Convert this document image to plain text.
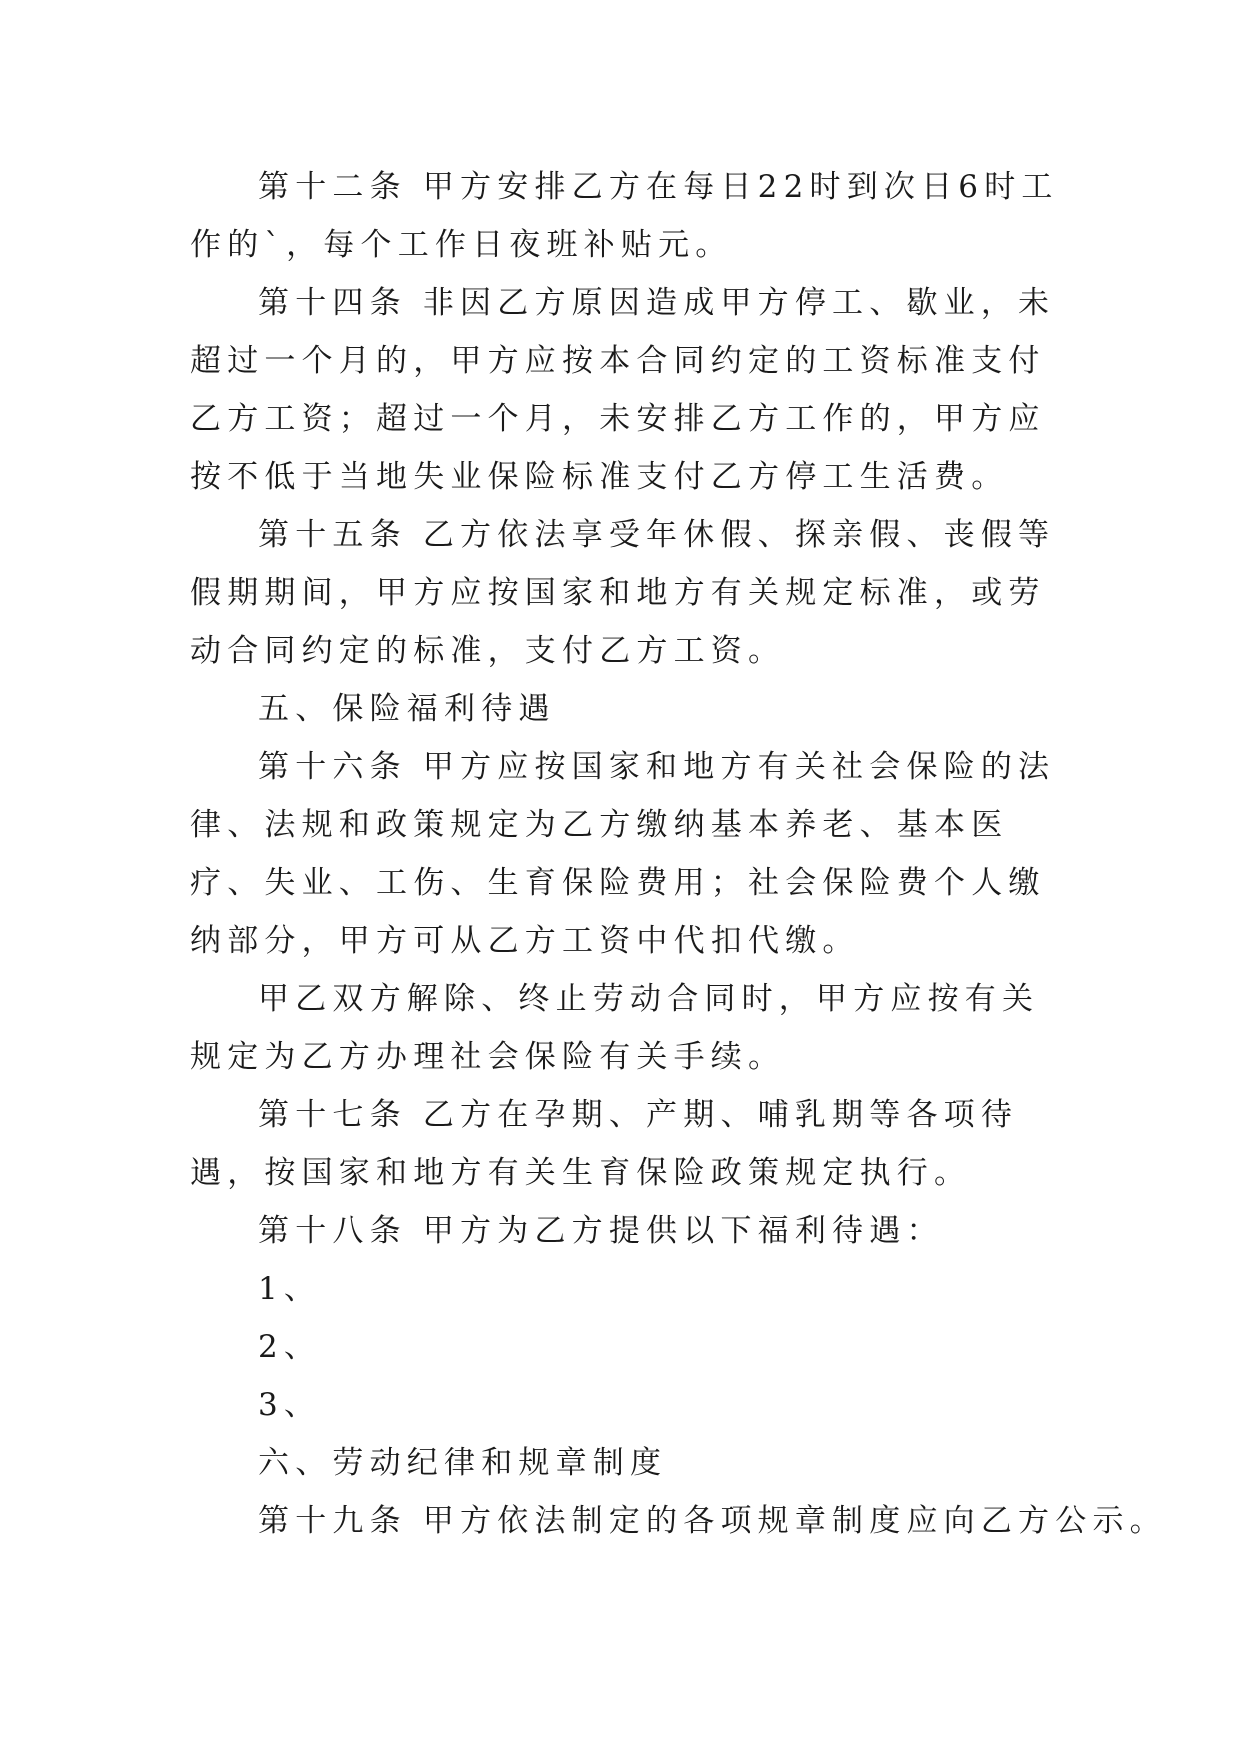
第十二条 甲方安排乙方在每日22时到次日6时工作的`，每个工作日夜班补贴元。

第十四条 非因乙方原因造成甲方停工、歇业，未超过一个月的，甲方应按本合同约定的工资标准支付乙方工资；超过一个月，未安排乙方工作的，甲方应按不低于当地失业保险标准支付乙方停工生活费。

第十五条 乙方依法享受年休假、探亲假、丧假等假期期间，甲方应按国家和地方有关规定标准，或劳动合同约定的标准，支付乙方工资。

五、保险福利待遇

第十六条 甲方应按国家和地方有关社会保险的法律、法规和政策规定为乙方缴纳基本养老、基本医疗、失业、工伤、生育保险费用；社会保险费个人缴纳部分，甲方可从乙方工资中代扣代缴。

甲乙双方解除、终止劳动合同时，甲方应按有关规定为乙方办理社会保险有关手续。

第十七条 乙方在孕期、产期、哺乳期等各项待遇，按国家和地方有关生育保险政策规定执行。

第十八条 甲方为乙方提供以下福利待遇：

1、

2、

3、

六、劳动纪律和规章制度

第十九条 甲方依法制定的各项规章制度应向乙方公示。
